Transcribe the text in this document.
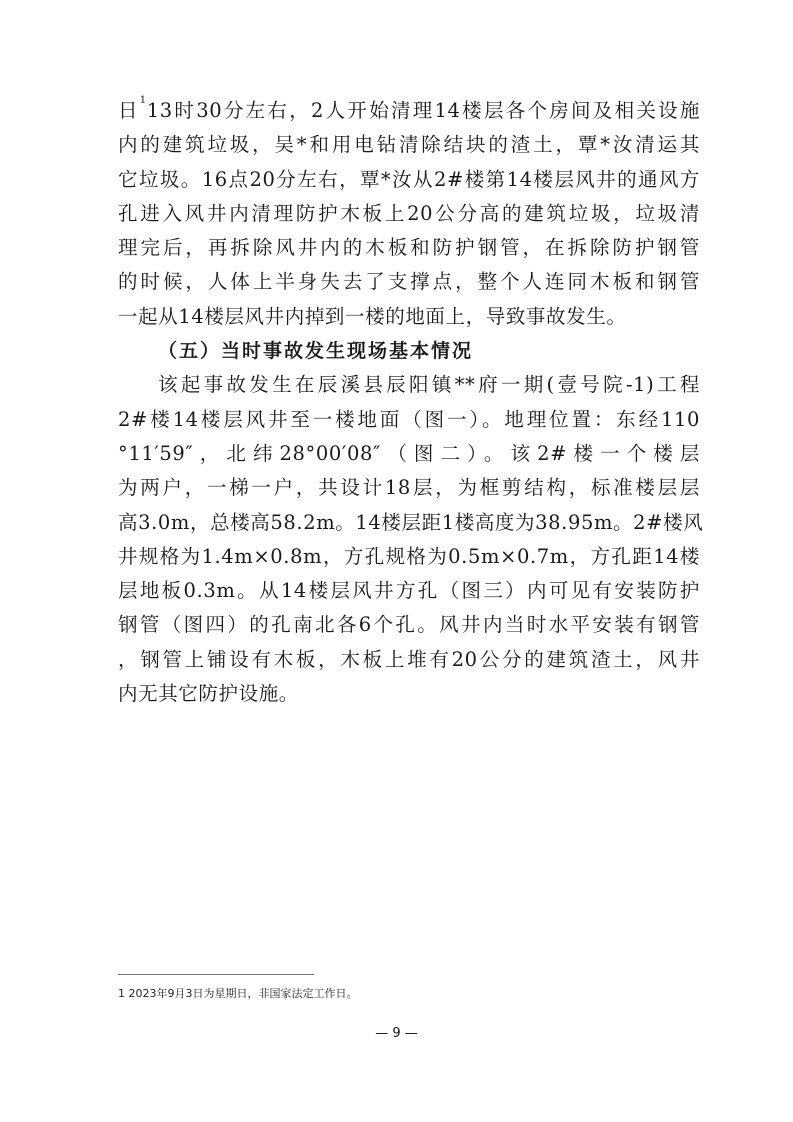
日$^1$13时30分左右，2人开始清理14楼层各个房间及相关设施
内的建筑垃圾，吴*和用电钻清除结块的渣土，覃*汝清运其
它垃圾。16点20分左右，覃*汝从2#楼第14楼层风井的通风方
孔进入风井内清理防护木板上20公分高的建筑垃圾，垃圾清
理完后，再拆除风井内的木板和防护钢管，在拆除防护钢管
的时候，人体上半身失去了支撑点，整个人连同木板和钢管
一起从14楼层风井内掉到一楼的地面上，导致事故发生。
（五）当时事故发生现场基本情况
该起事故发生在辰溪县辰阳镇**府一期(壹号院-1)工程
2#楼14楼层风井至一楼地面（图一）。地理位置：东经110
°11′59″，北纬28°00′08″（图二）。该2#楼一个楼层
为两户，一梯一户，共设计18层，为框剪结构，标准楼层层
高3.0m，总楼高58.2m。14楼层距1楼高度为38.95m。2#楼风
井规格为1.4m×0.8m，方孔规格为0.5m×0.7m，方孔距14楼
层地板0.3m。从14楼层风井方孔（图三）内可见有安装防护
钢管（图四）的孔南北各6个孔。风井内当时水平安装有钢管
，钢管上铺设有木板，木板上堆有20公分的建筑渣土，风井
内无其它防护设施。
1 2023年9月3日为星期日，非国家法定工作日。
— 9 —
